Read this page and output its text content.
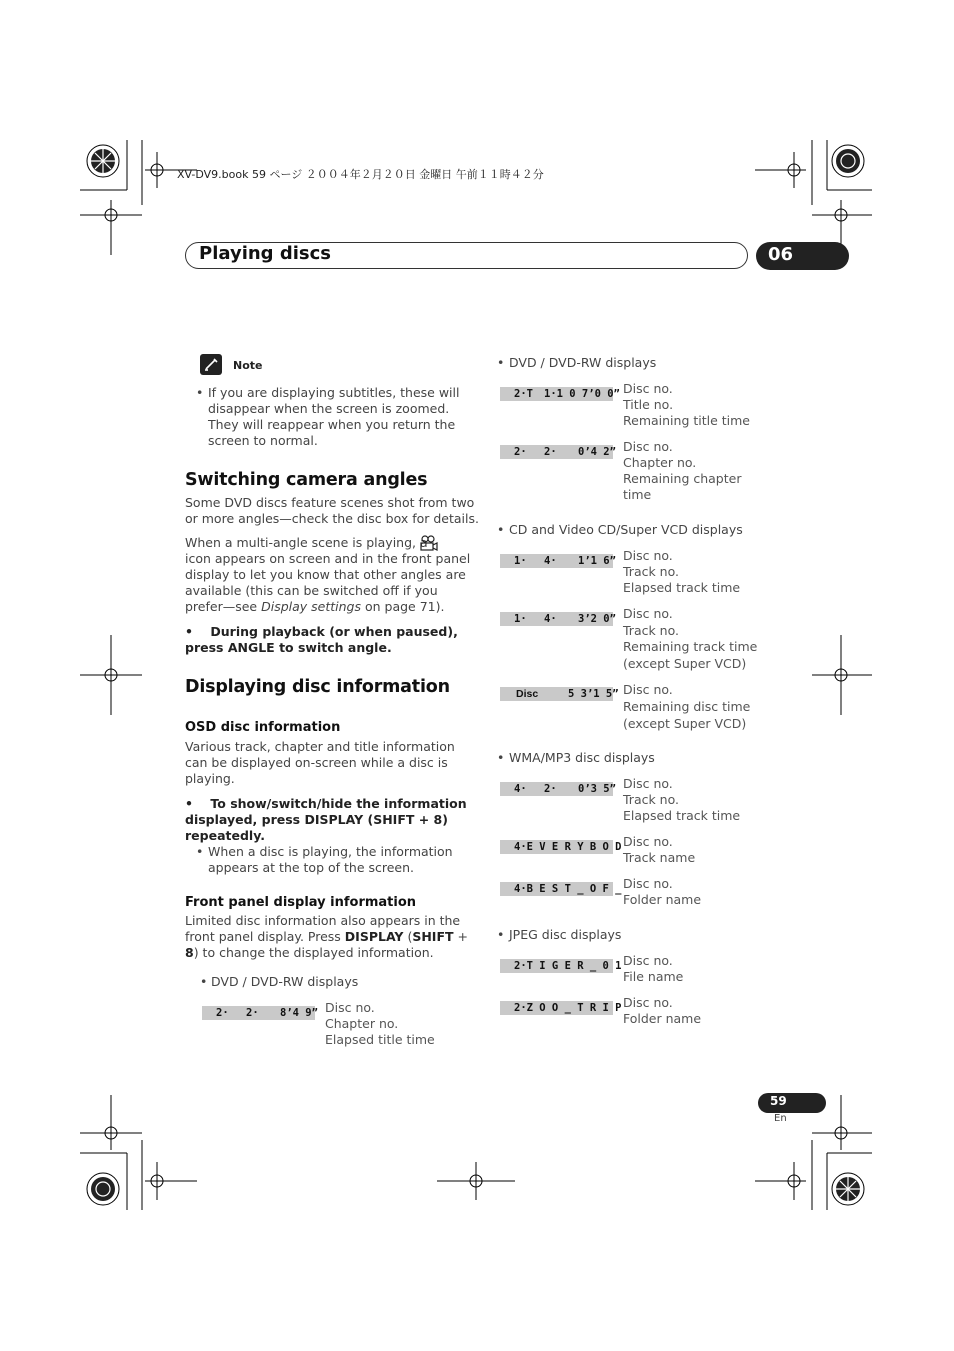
XV-DV9.book 59 ページ ２００４年２月２０日 金曜日 午前１１時４２分
Playing discs	06
Note
• If you are displaying subtitles, these will
disappear when the screen is zoomed.
They will reappear when you return the
screen to normal.
Switching camera angles
Some DVD discs feature scenes shot from two
or more angles—check the disc box for details.
When a multi-angle scene is playing, a
icon appears on screen and in the front panel
display to let you know that other angles are
available (this can be switched off if you
prefer—see Display settings on page 71).
•    During playback (or when paused),
press ANGLE to switch angle.
Displaying disc information
OSD disc information
Various track, chapter and title information
can be displayed on-screen while a disc is
playing.
•    To show/switch/hide the information
displayed, press DISPLAY (SHIFT + 8)
repeatedly.
• When a disc is playing, the information
appears at the top of the screen.
Front panel display information
Limited disc information also appears in the
front panel display. Press DISPLAY (SHIFT +
8) to change the displayed information.
• DVD / DVD-RW displays

2·

2·

8’4 9” Disc no.
Chapter no.
Elapsed title time
• DVD / DVD-RW displays

2·T

1·1 0 7’0 0” Disc no.
Title no.
Remaining title time

2·

2·

0’4 2” Disc no.
Chapter no.
Remaining chapter
time
• CD and Video CD/Super VCD displays

1·

4·

1’1 6” Disc no.
Track no.
Elapsed track time

1·

4·

3’2 0” Disc no.
Track no.
Remaining track time
(except Super VCD)

Disc

	5 3’1 5” Disc no.
Remaining disc time
(except Super VCD)
• WMA/MP3 disc displays

4·

2·

0’3 5” Disc no.
Track no.
Elapsed track time

4·E V E R Y B O D Disc no.
Track name

4·B E S T _ O F _ Disc no.
Folder name
• JPEG disc displays

2·T I G E R _ 0 1 Disc no.
File name

2·Z O O _ T R I P Disc no.
Folder name
59
En
